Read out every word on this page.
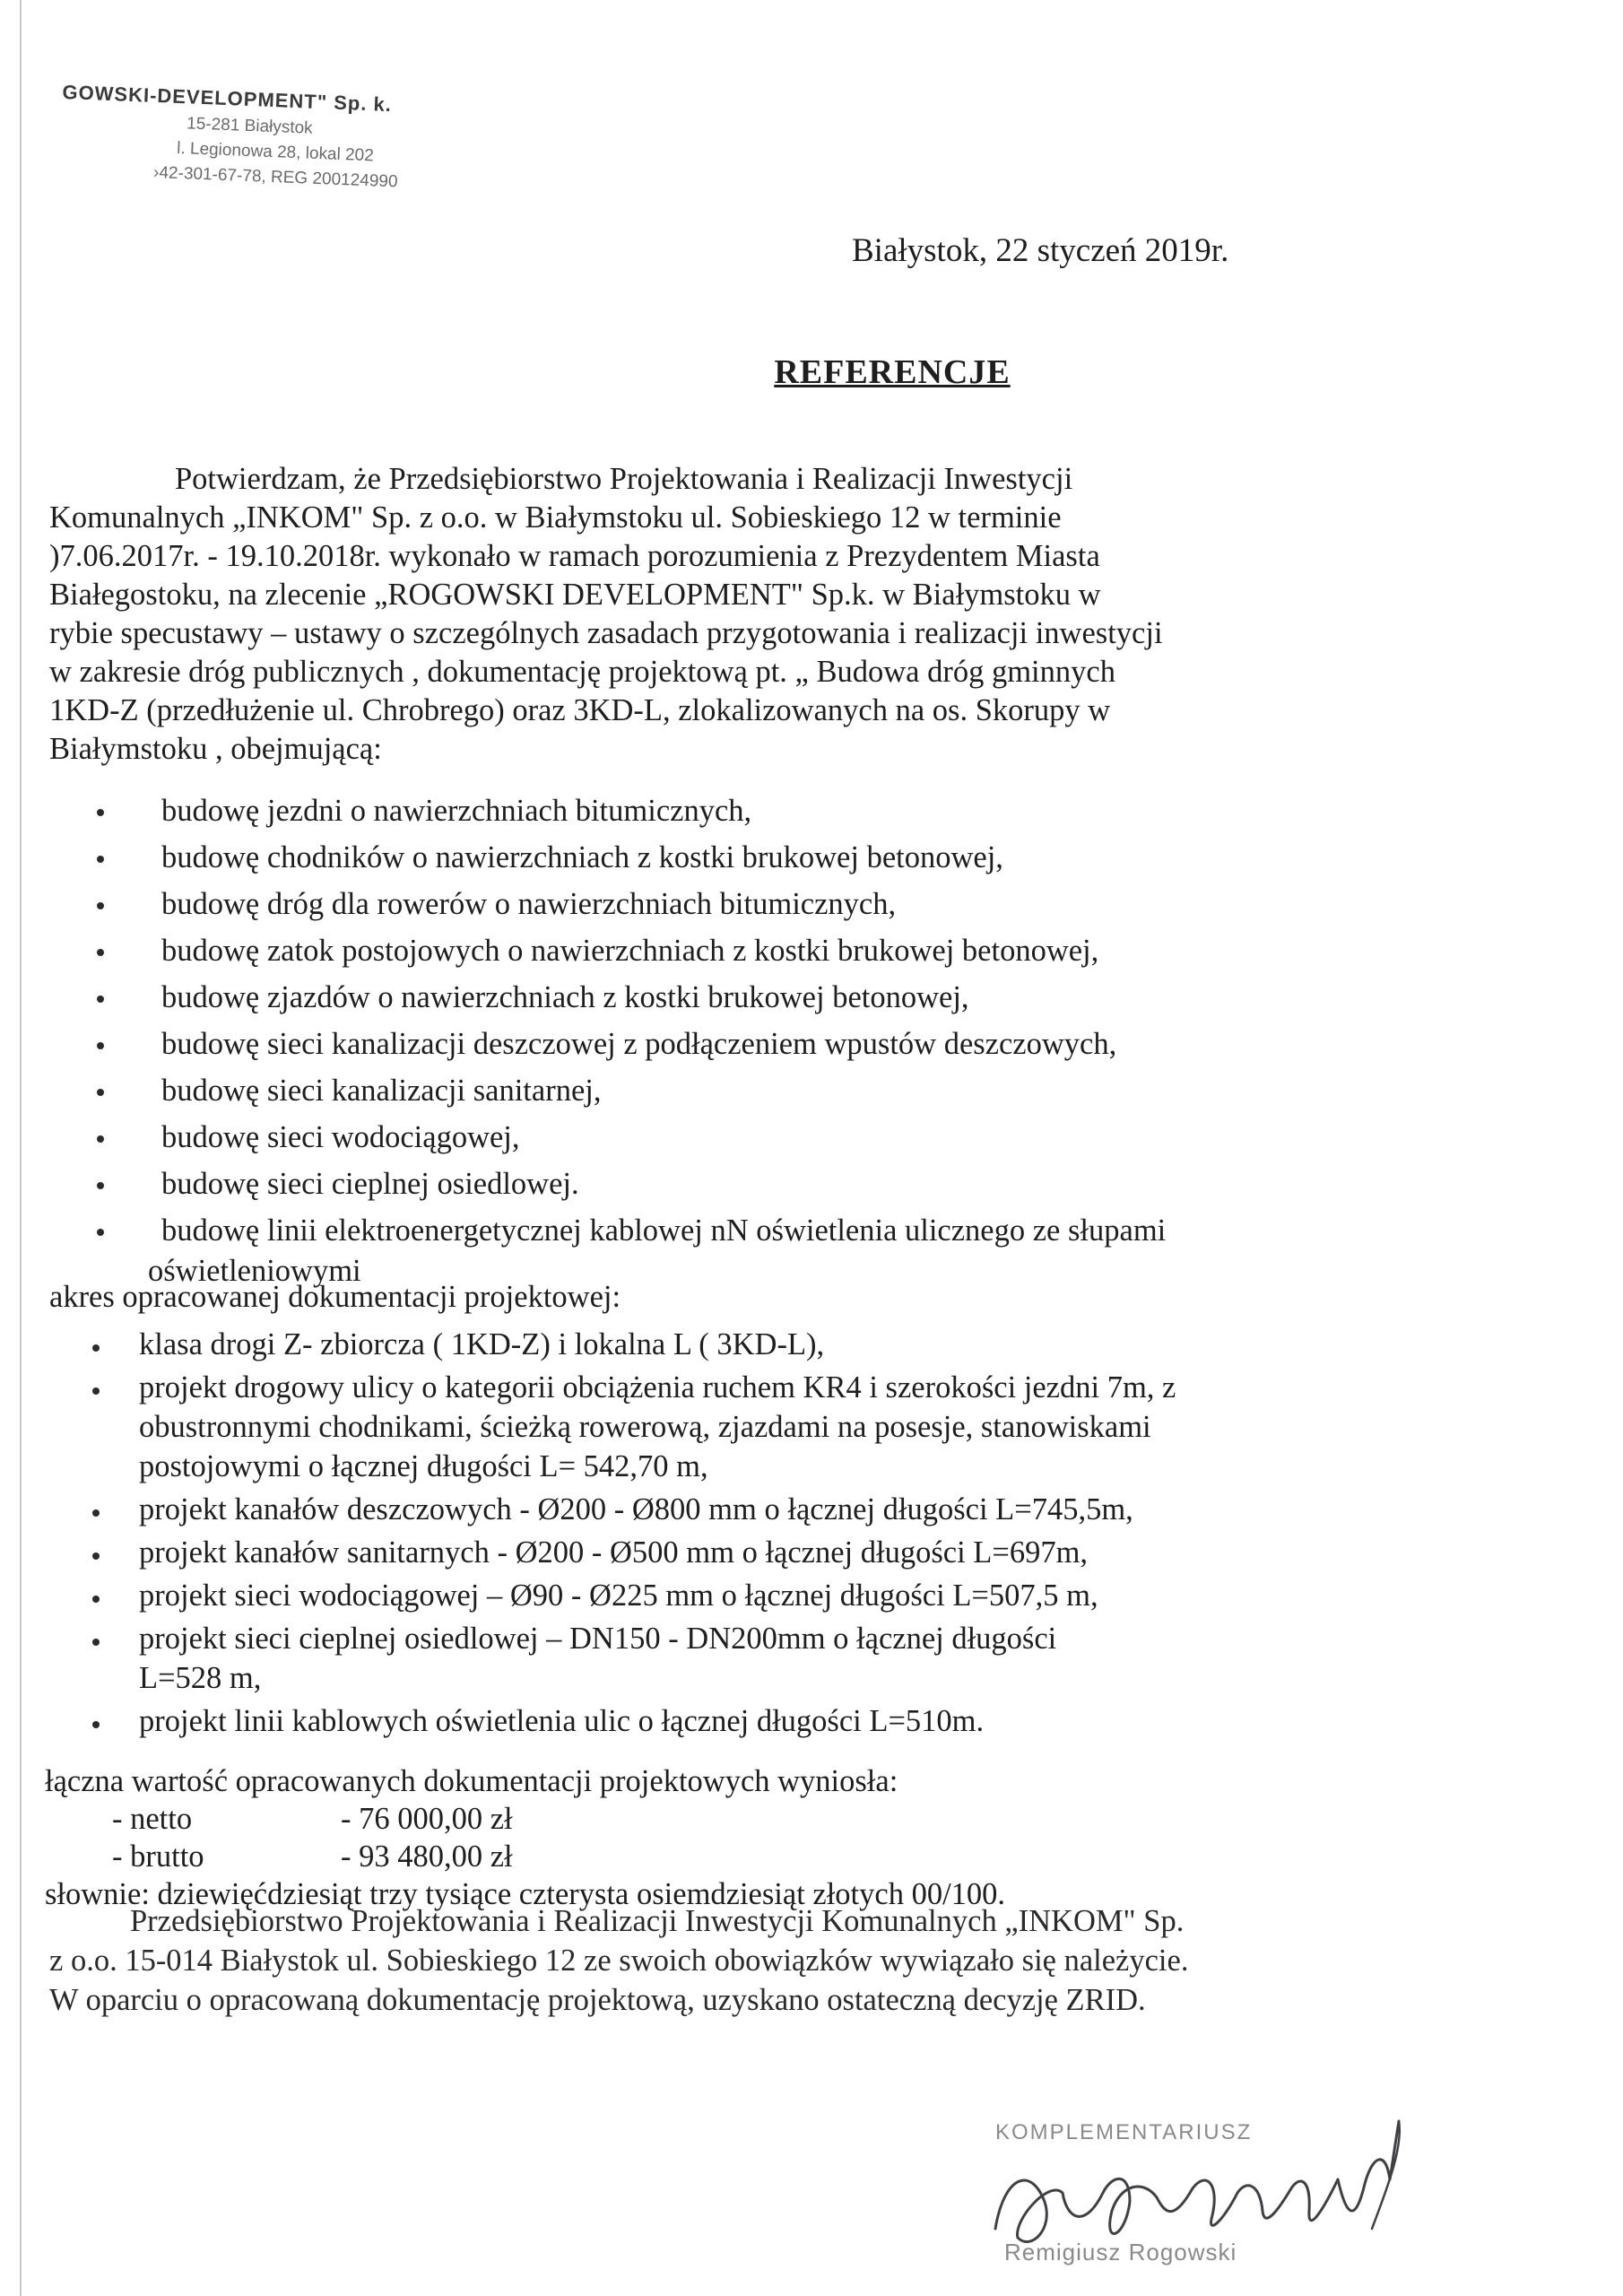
GOWSKI-DEVELOPMENT" Sp. k.
15-281 Białystok
l. Legionowa 28, lokal 202
›42-301-67-78, REG 200124990
Białystok, 22 styczeń 2019r.
REFERENCJE
Potwierdzam, że Przedsiębiorstwo Projektowania i Realizacji Inwestycji
Komunalnych „INKOM" Sp. z o.o. w Białymstoku ul. Sobieskiego 12 w terminie
)7.06.2017r. - 19.10.2018r. wykonało w ramach porozumienia z Prezydentem Miasta
Białegostoku, na zlecenie „ROGOWSKI DEVELOPMENT" Sp.k. w Białymstoku w
rybie specustawy – ustawy o szczególnych zasadach przygotowania i realizacji inwestycji
w zakresie dróg publicznych , dokumentację projektową pt. „ Budowa dróg gminnych
1KD-Z (przedłużenie ul. Chrobrego) oraz 3KD-L, zlokalizowanych na os. Skorupy w
Białymstoku , obejmującą:
budowę jezdni o nawierzchniach bitumicznych,
budowę chodników o nawierzchniach z kostki brukowej betonowej,
budowę dróg dla rowerów o nawierzchniach bitumicznych,
budowę zatok postojowych o nawierzchniach z kostki brukowej betonowej,
budowę zjazdów o nawierzchniach z kostki brukowej betonowej,
budowę sieci kanalizacji deszczowej z podłączeniem wpustów deszczowych,
budowę sieci kanalizacji sanitarnej,
budowę sieci wodociągowej,
budowę sieci cieplnej osiedlowej.
budowę linii elektroenergetycznej kablowej nN oświetlenia ulicznego ze słupami
oświetleniowymi
akres opracowanej dokumentacji projektowej:
klasa drogi Z- zbiorcza ( 1KD-Z) i lokalna L ( 3KD-L),
projekt drogowy ulicy o kategorii obciążenia ruchem KR4 i szerokości jezdni 7m, z
obustronnymi chodnikami, ścieżką rowerową, zjazdami na posesje, stanowiskami
postojowymi o łącznej długości L= 542,70 m,
projekt kanałów deszczowych - Ø200 - Ø800 mm o łącznej długości L=745,5m,
projekt kanałów sanitarnych - Ø200 - Ø500 mm o łącznej długości L=697m,
projekt sieci wodociągowej – Ø90 - Ø225 mm o łącznej długości L=507,5 m,
projekt sieci cieplnej osiedlowej – DN150 - DN200mm o łącznej długości
L=528 m,
projekt linii kablowych oświetlenia ulic o łącznej długości L=510m.
łączna wartość opracowanych dokumentacji projektowych wyniosła:
- netto	- 76 000,00 zł
- brutto	- 93 480,00 zł
słownie: dziewięćdziesiąt trzy tysiące czterysta osiemdziesiąt złotych 00/100.
Przedsiębiorstwo Projektowania i Realizacji Inwestycji Komunalnych „INKOM" Sp.
z o.o. 15-014 Białystok ul. Sobieskiego 12 ze swoich obowiązków wywiązało się należycie.
W oparciu o opracowaną dokumentację projektową, uzyskano ostateczną decyzję ZRID.
KOMPLEMENTARIUSZ
Remigiusz Rogowski
